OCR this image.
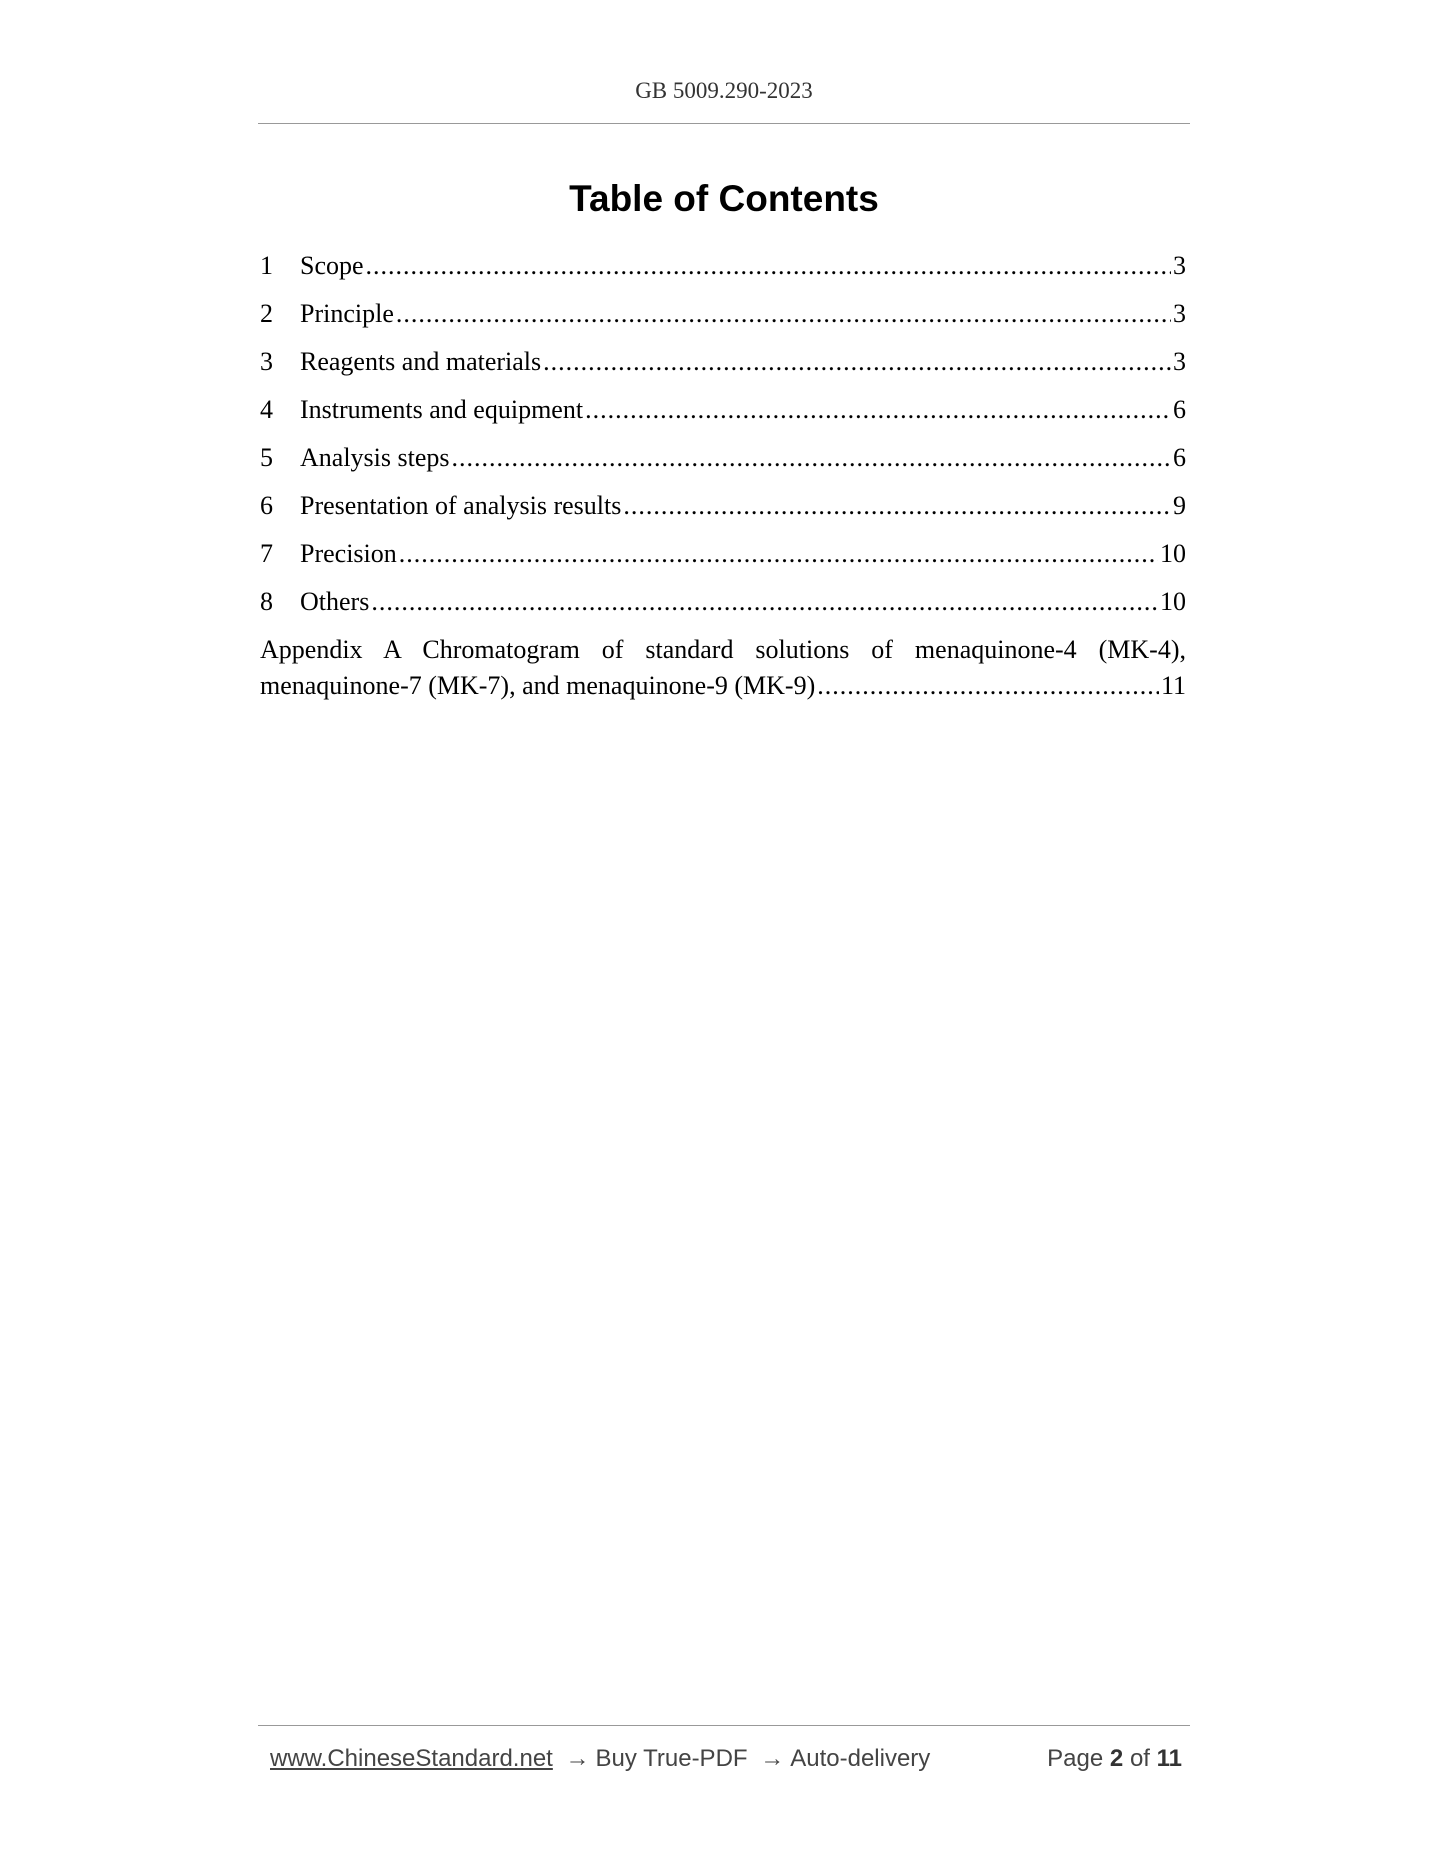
GB 5009.290-2023
Table of Contents
1	Scope .....	3
2	Principle .....	3
3	Reagents and materials .....	3
4	Instruments and equipment .....	6
5	Analysis steps .....	6
6	Presentation of analysis results .....	9
7	Precision .....	10
8	Others .....	10
Appendix A Chromatogram of standard solutions of menaquinone-4 (MK-4),
menaquinone-7 (MK-7), and menaquinone-9 (MK-9) .....	11
www.ChineseStandard.net → Buy True-PDF → Auto-delivery	Page 2 of 11
